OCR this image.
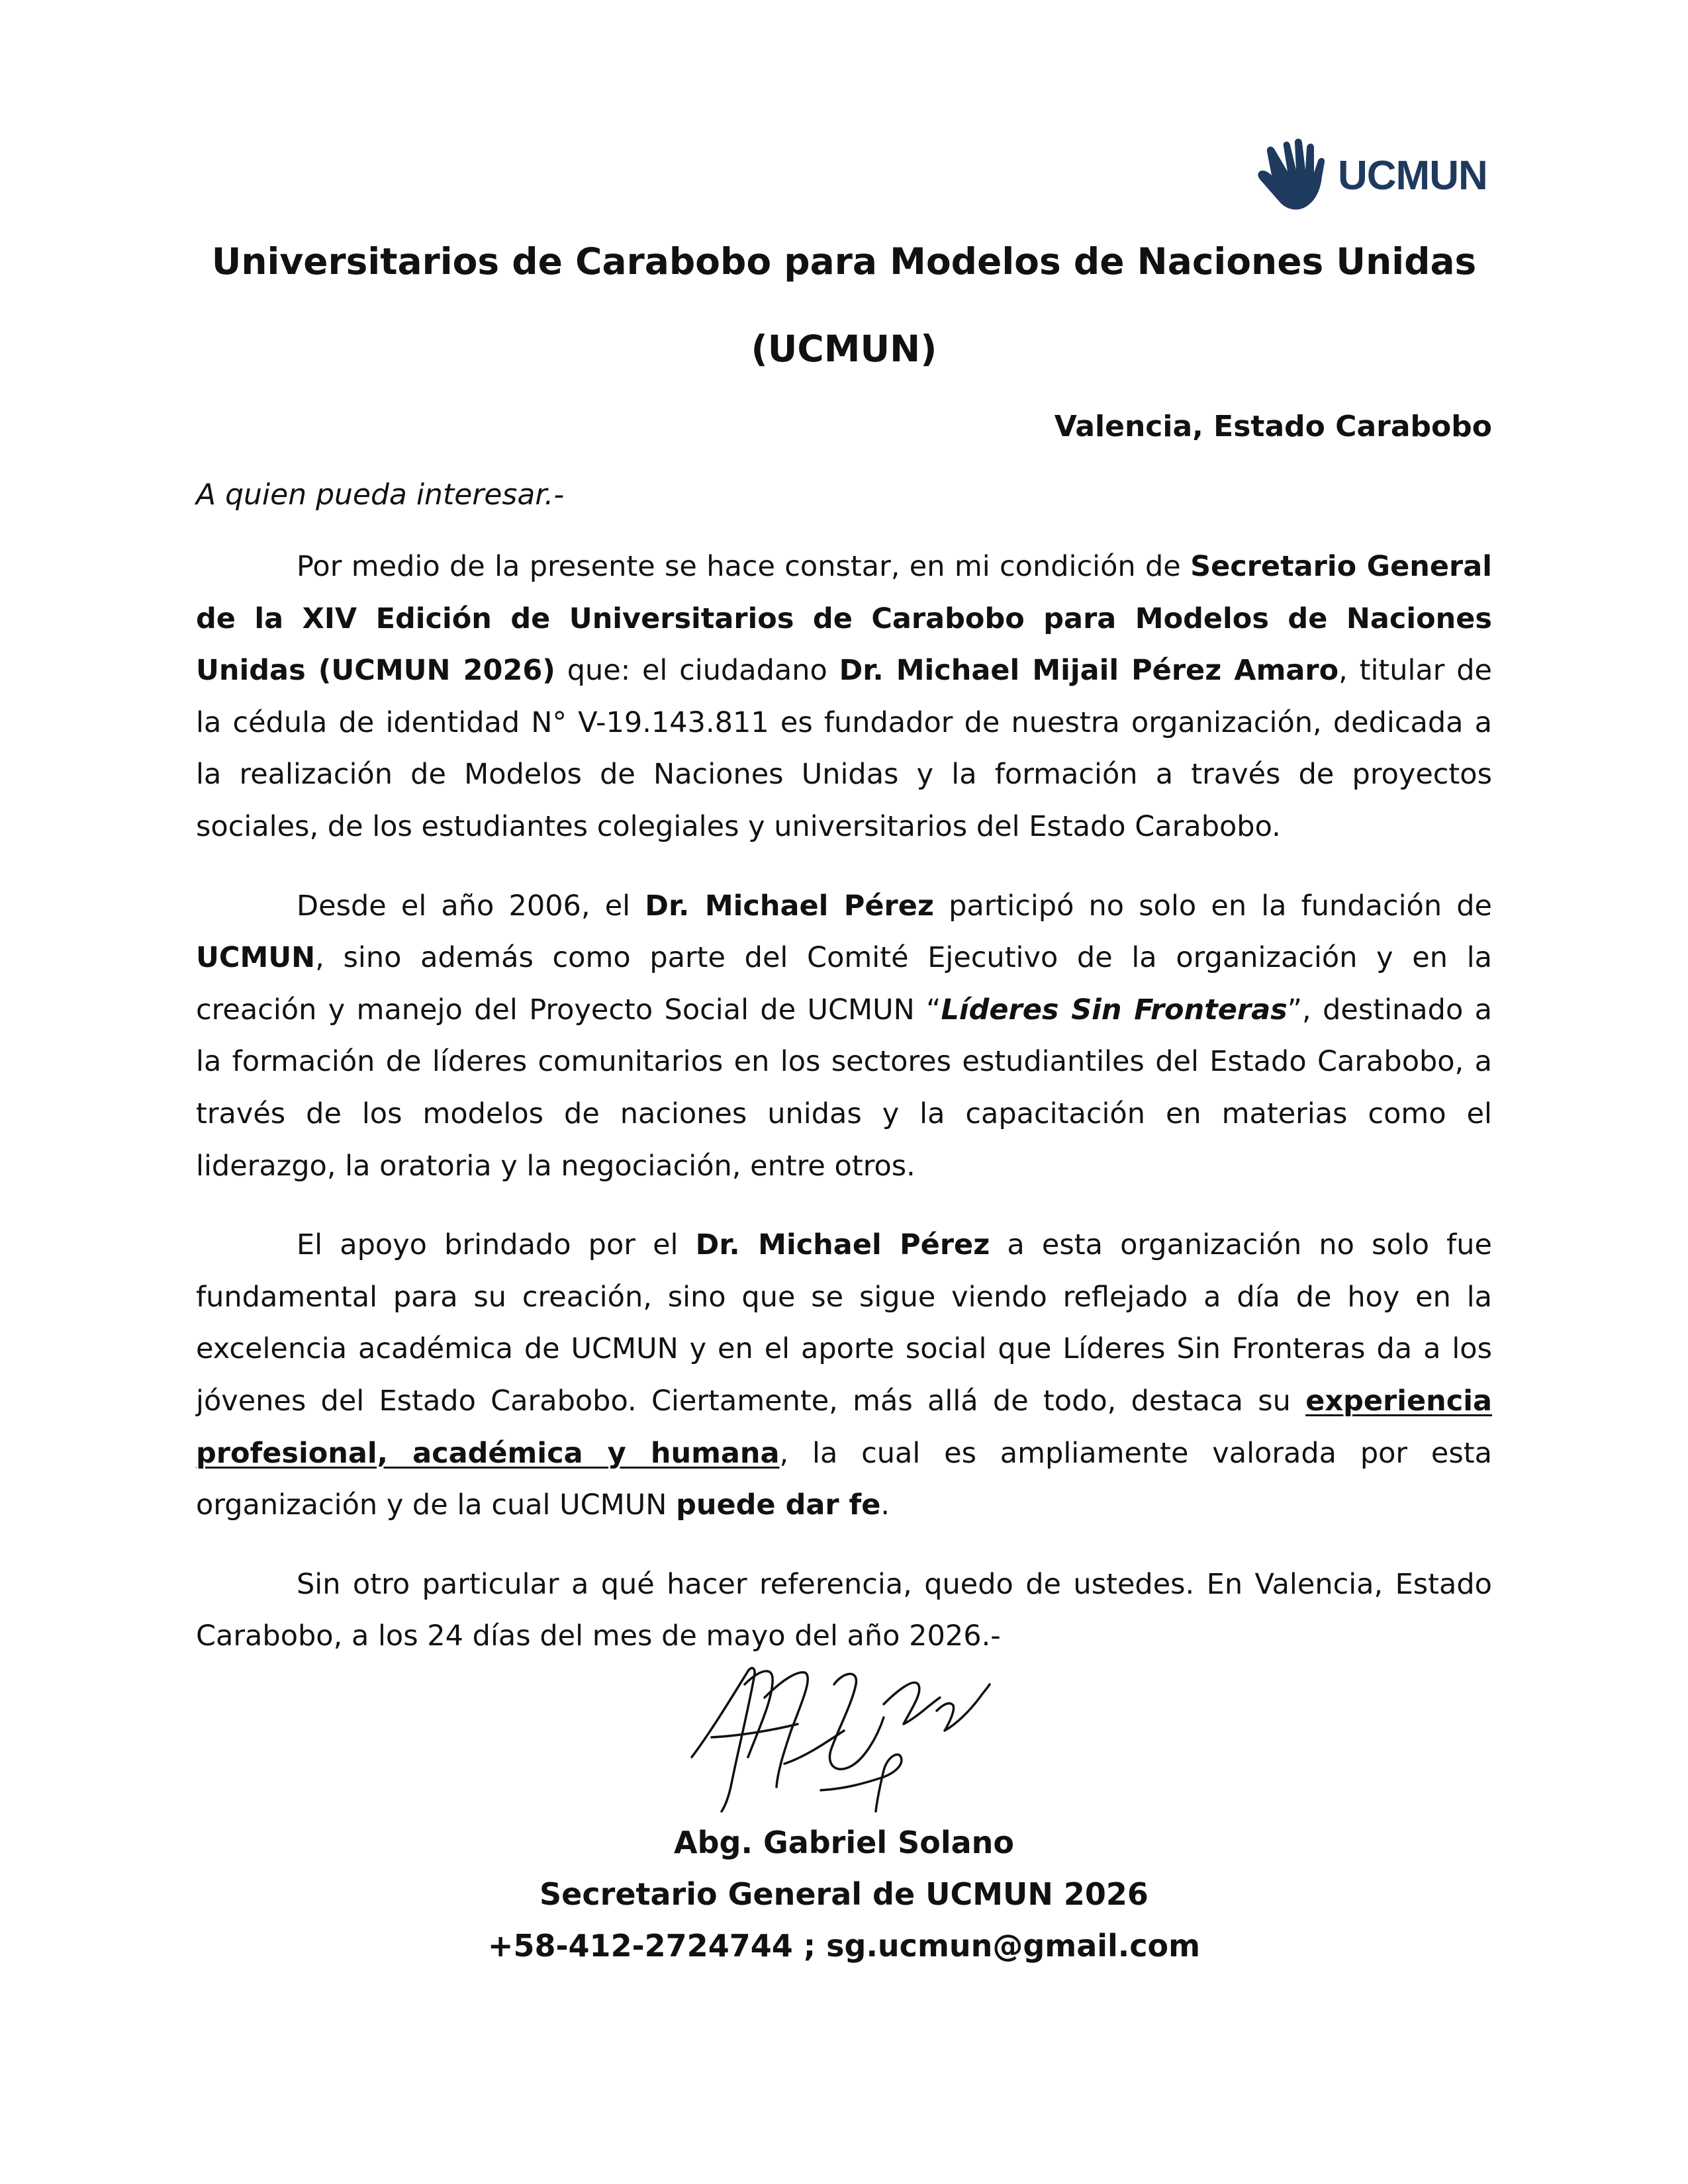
UCMUN
Universitarios de Carabobo para Modelos de Naciones Unidas
(UCMUN)
Valencia, Estado Carabobo
A quien pueda interesar.-

Por medio de la presente se hace constar, en mi condición de Secretario General de la XIV Edición de Universitarios de Carabobo para Modelos de Naciones Unidas (UCMUN 2026) que: el ciudadano Dr. Michael Mijail Pérez Amaro, titular de la cédula de identidad N° V-19.143.811 es fundador de nuestra organización, dedicada a la realización de Modelos de Naciones Unidas y la formación a través de proyectos sociales, de los estudiantes colegiales y universitarios del Estado Carabobo.

Desde el año 2006, el Dr. Michael Pérez participó no solo en la fundación de UCMUN, sino además como parte del Comité Ejecutivo de la organización y en la creación y manejo del Proyecto Social de UCMUN “Líderes Sin Fronteras”, destinado a la formación de líderes comunitarios en los sectores estudiantiles del Estado Carabobo, a través de los modelos de naciones unidas y la capacitación en materias como el liderazgo, la oratoria y la negociación, entre otros.

El apoyo brindado por el Dr. Michael Pérez a esta organización no solo fue fundamental para su creación, sino que se sigue viendo reflejado a día de hoy en la excelencia académica de UCMUN y en el aporte social que Líderes Sin Fronteras da a los jóvenes del Estado Carabobo. Ciertamente, más allá de todo, destaca su experiencia profesional, académica y humana, la cual es ampliamente valorada por esta organización y de la cual UCMUN puede dar fe.

Sin otro particular a qué hacer referencia, quedo de ustedes. En Valencia, Estado Carabobo, a los 24 días del mes de mayo del año 2026.-

Abg. Gabriel Solano
Secretario General de UCMUN 2026
+58-412-2724744 ; sg.ucmun@gmail.com
